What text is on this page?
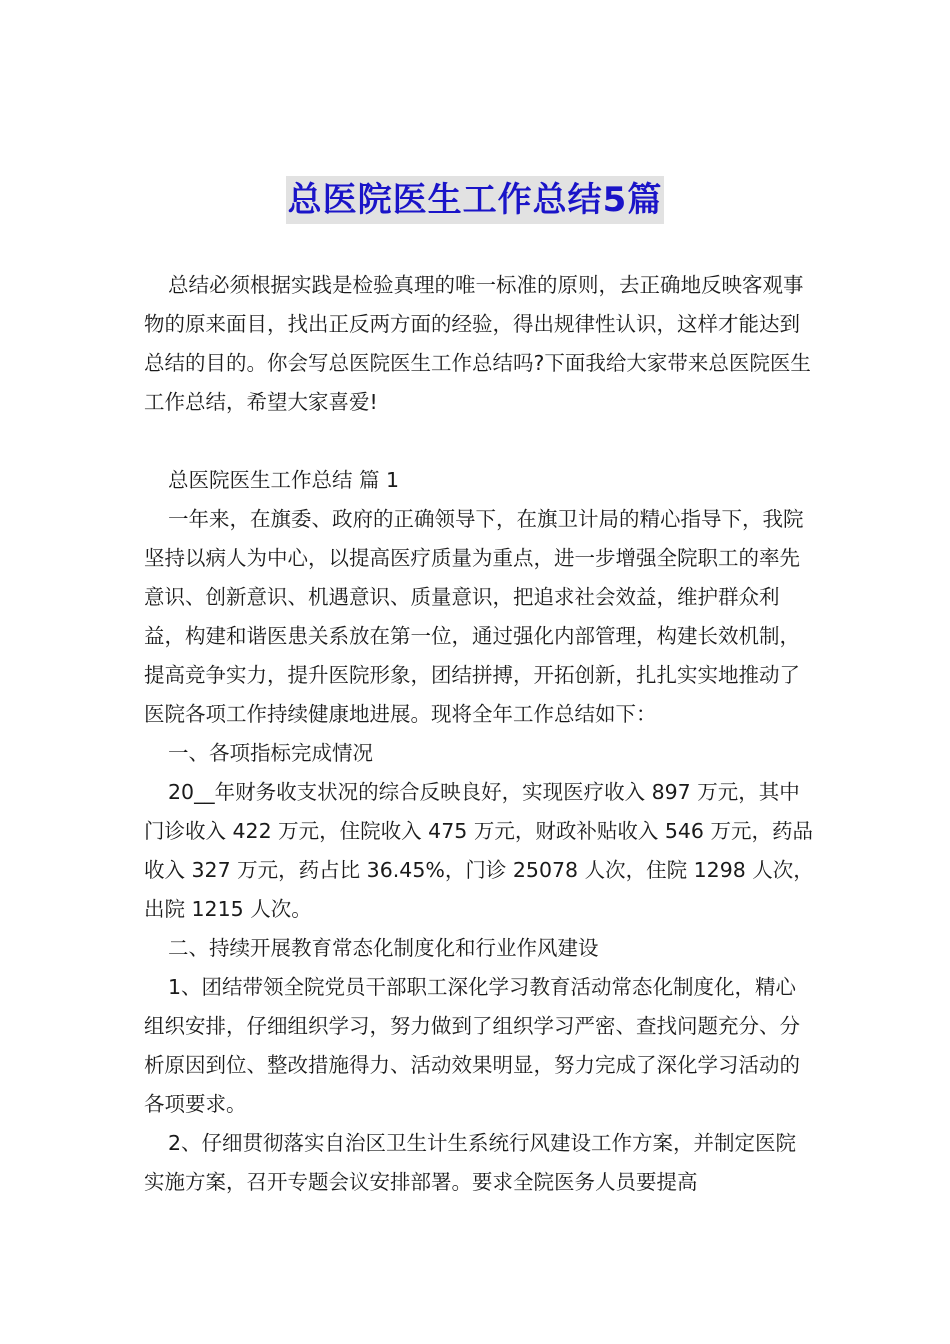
总医院医生工作总结5篇

总结必须根据实践是检验真理的唯一标准的原则，去正确地反映客观事物的原来面目，找出正反两方面的经验，得出规律性认识，这样才能达到总结的目的。你会写总医院医生工作总结吗?下面我给大家带来总医院医生工作总结，希望大家喜爱!

总医院医生工作总结 篇 1

一年来，在旗委、政府的正确领导下，在旗卫计局的精心指导下，我院坚持以病人为中心，以提高医疗质量为重点，进一步增强全院职工的率先意识、创新意识、机遇意识、质量意识，把追求社会效益，维护群众利益，构建和谐医患关系放在第一位，通过强化内部管理，构建长效机制，提高竞争实力，提升医院形象，团结拼搏，开拓创新，扎扎实实地推动了医院各项工作持续健康地进展。现将全年工作总结如下：

一、各项指标完成情况

20__年财务收支状况的综合反映良好，实现医疗收入 897 万元，其中门诊收入 422 万元，住院收入 475 万元，财政补贴收入 546 万元，药品收入 327 万元，药占比 36.45%，门诊 25078 人次，住院 1298 人次，出院 1215 人次。

二、持续开展教育常态化制度化和行业作风建设

1、团结带领全院党员干部职工深化学习教育活动常态化制度化，精心组织安排，仔细组织学习，努力做到了组织学习严密、查找问题充分、分析原因到位、整改措施得力、活动效果明显，努力完成了深化学习活动的各项要求。

2、仔细贯彻落实自治区卫生计生系统行风建设工作方案，并制定医院实施方案，召开专题会议安排部署。要求全院医务人员要提高
